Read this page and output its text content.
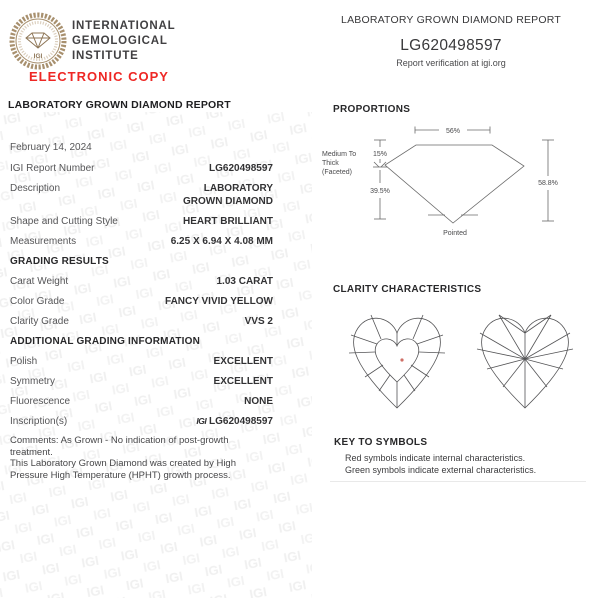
IGI
INTERNATIONAL
GEMOLOGICAL
INSTITUTE
ELECTRONIC COPY
LABORATORY GROWN DIAMOND REPORT
LABORATORY GROWN DIAMOND REPORT
LG620498597
Report verification at igi.org
February 14, 2024
IGI Report Number	LG620498597
Description	LABORATORY GROWN DIAMOND
Shape and Cutting Style	HEART BRILLIANT
Measurements	6.25 X 6.94 X 4.08 MM
GRADING RESULTS
Carat Weight	1.03 CARAT
Color Grade	FANCY VIVID YELLOW
Clarity Grade	VVS 2
ADDITIONAL GRADING INFORMATION
Polish	EXCELLENT
Symmetry	EXCELLENT
Fluorescence	NONE
Inscription(s)	IGI LG620498597
Comments: As Grown - No indication of post-growth treatment.
This Laboratory Grown Diamond was created by High Pressure High Temperature (HPHT) growth process.
PROPORTIONS
56%
15%
39.5%
Medium To
Thick
(Faceted)
58.8%
Pointed
CLARITY CHARACTERISTICS
KEY TO SYMBOLS
Red symbols indicate internal characteristics.
Green symbols indicate external characteristics.
